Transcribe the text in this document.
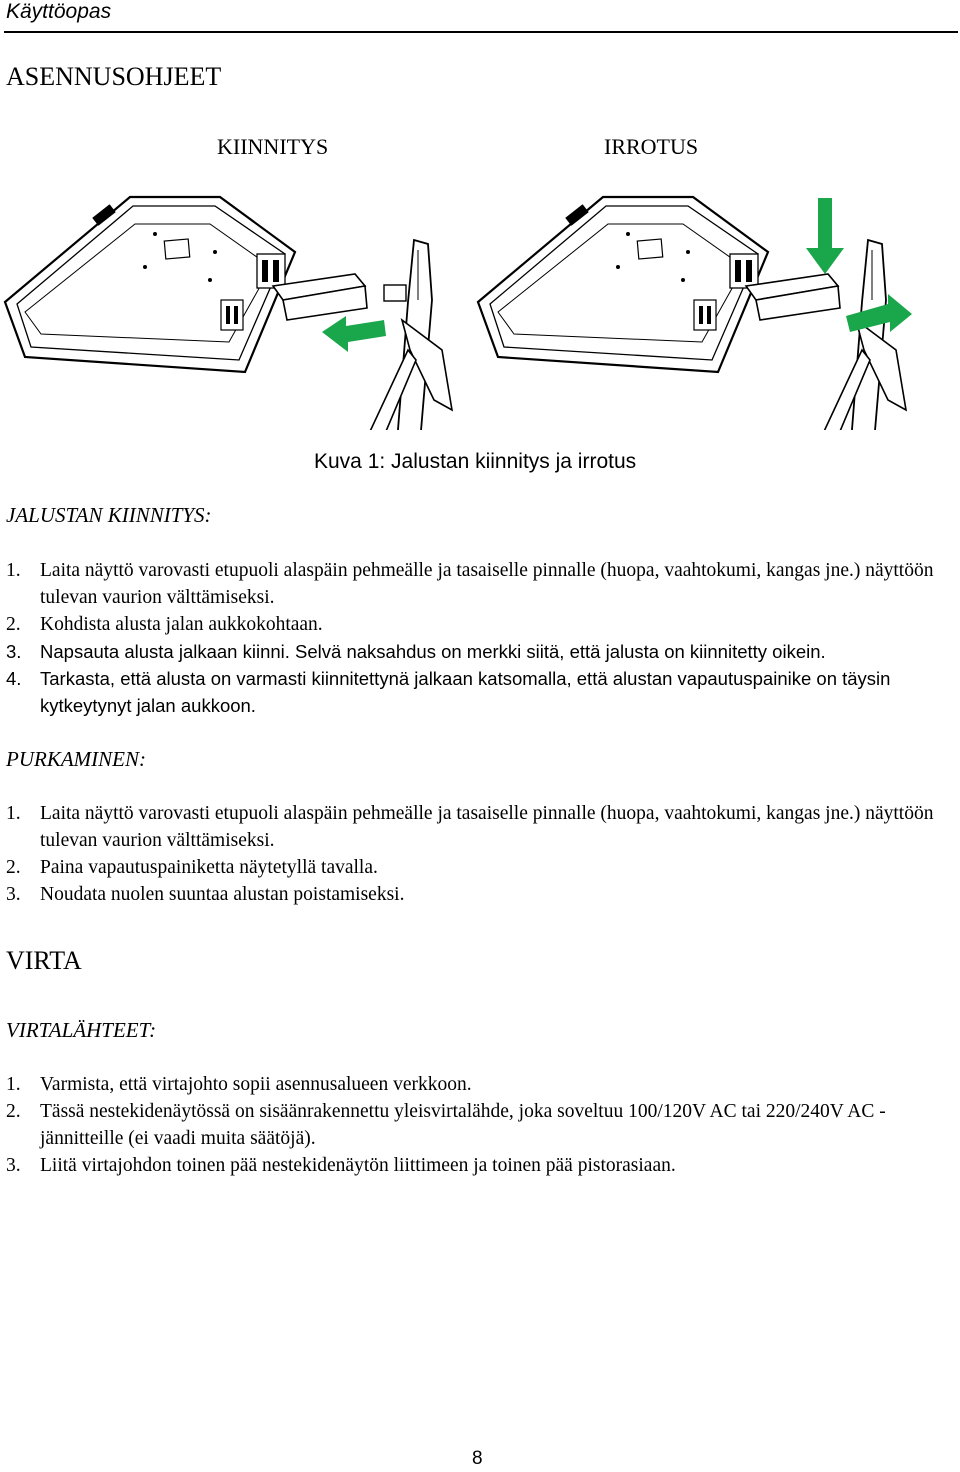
Käyttöopas
ASENNUSOHJEET
KIINNITYS	IRROTUS
Kuva 1: Jalustan kiinnitys ja irrotus
JALUSTAN KIINNITYS:
1. Laita näyttö varovasti etupuoli alaspäin pehmeälle ja tasaiselle pinnalle (huopa, vaahtokumi, kangas jne.) näyttöön tulevan vaurion välttämiseksi.
2. Kohdista alusta jalan aukkokohtaan.
3. Napsauta alusta jalkaan kiinni. Selvä naksahdus on merkki siitä, että jalusta on kiinnitetty oikein.
4. Tarkasta, että alusta on varmasti kiinnitettynä jalkaan katsomalla, että alustan vapautuspainike on täysin kytkeytynyt jalan aukkoon.
PURKAMINEN:
1. Laita näyttö varovasti etupuoli alaspäin pehmeälle ja tasaiselle pinnalle (huopa, vaahtokumi, kangas jne.) näyttöön tulevan vaurion välttämiseksi.
2. Paina vapautuspainiketta näytetyllä tavalla.
3. Noudata nuolen suuntaa alustan poistamiseksi.
VIRTA
VIRTALÄHTEET:
1. Varmista, että virtajohto sopii asennusalueen verkkoon.
2. Tässä nestekidenäytössä on sisäänrakennettu yleisvirtalähde, joka soveltuu 100/120V AC tai 220/240V AC -jännitteille (ei vaadi muita säätöjä).
3. Liitä virtajohdon toinen pää nestekidenäytön liittimeen ja toinen pää pistorasiaan.
8
